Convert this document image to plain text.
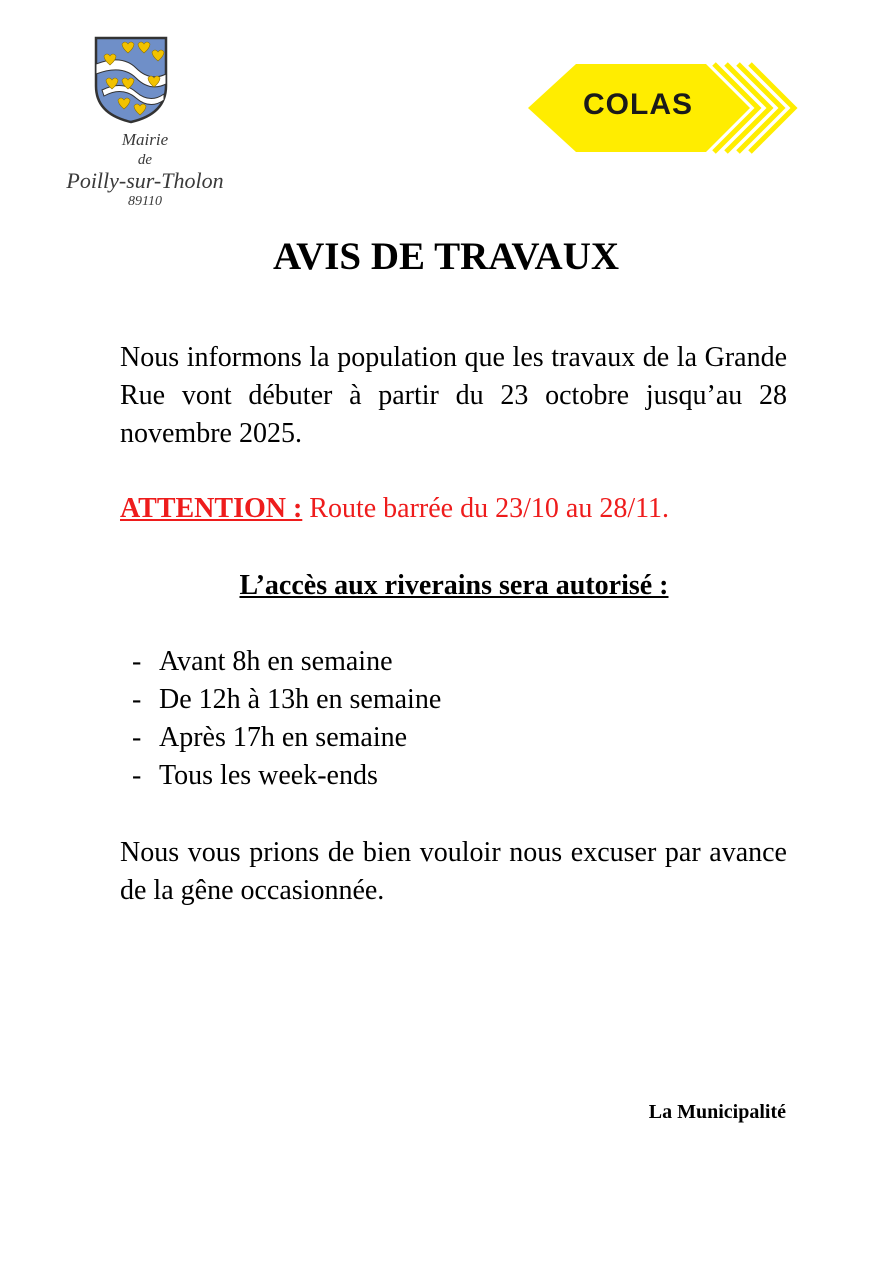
Mairie
de
Poilly-sur-Tholon
89110
COLAS
AVIS DE TRAVAUX

Nous informons la population que les travaux de la Grande Rue vont débuter à partir du 23 octobre jusqu’au 28 novembre 2025.

ATTENTION : Route barrée du 23/10 au 28/11.

L’accès aux riverains sera autorisé :
- Avant 8h en semaine
- De 12h à 13h en semaine
- Après 17h en semaine
- Tous les week-ends

Nous vous prions de bien vouloir nous excuser par avance de la gêne occasionnée.

La Municipalité
